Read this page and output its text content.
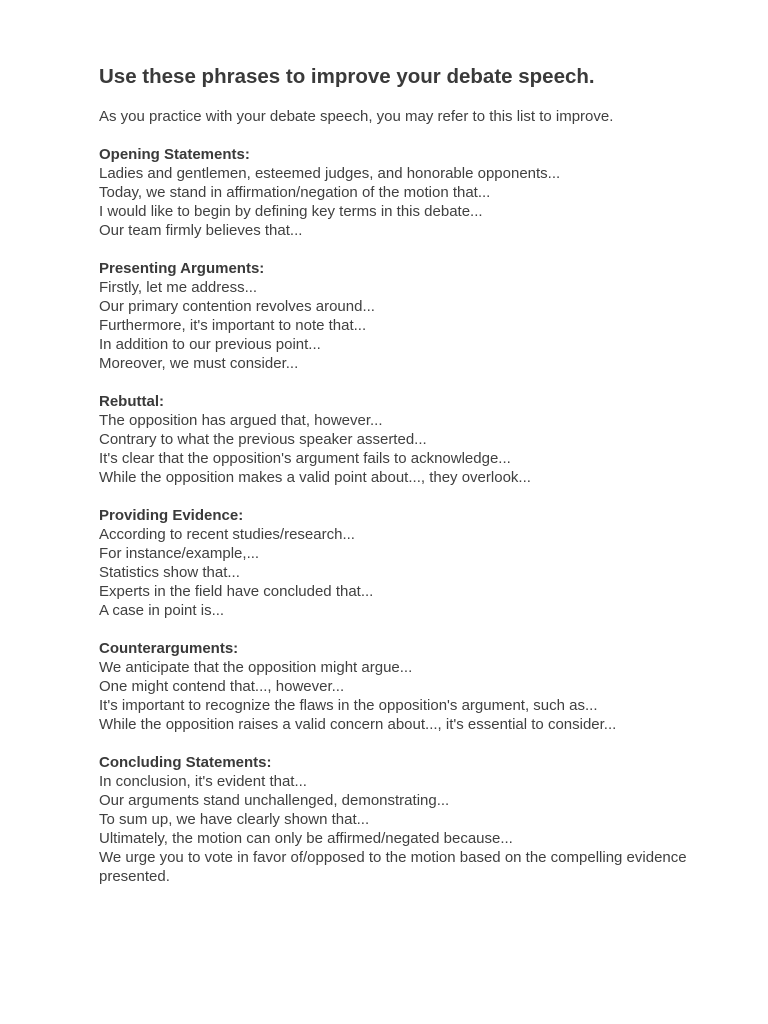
Use these phrases to improve your debate speech.

As you practice with your debate speech, you may refer to this list to improve.

Opening Statements:
Ladies and gentlemen, esteemed judges, and honorable opponents...
Today, we stand in affirmation/negation of the motion that...
I would like to begin by defining key terms in this debate...
Our team firmly believes that...
Presenting Arguments:
Firstly, let me address...
Our primary contention revolves around...
Furthermore, it's important to note that...
In addition to our previous point...
Moreover, we must consider...
Rebuttal:
The opposition has argued that, however...
Contrary to what the previous speaker asserted...
It's clear that the opposition's argument fails to acknowledge...
While the opposition makes a valid point about..., they overlook...
Providing Evidence:
According to recent studies/research...
For instance/example,...
Statistics show that...
Experts in the field have concluded that...
A case in point is...
Counterarguments:
We anticipate that the opposition might argue...
One might contend that..., however...
It's important to recognize the flaws in the opposition's argument, such as...
While the opposition raises a valid concern about..., it's essential to consider...
Concluding Statements:
In conclusion, it's evident that...
Our arguments stand unchallenged, demonstrating...
To sum up, we have clearly shown that...
Ultimately, the motion can only be affirmed/negated because...
We urge you to vote in favor of/opposed to the motion based on the compelling evidence presented.
